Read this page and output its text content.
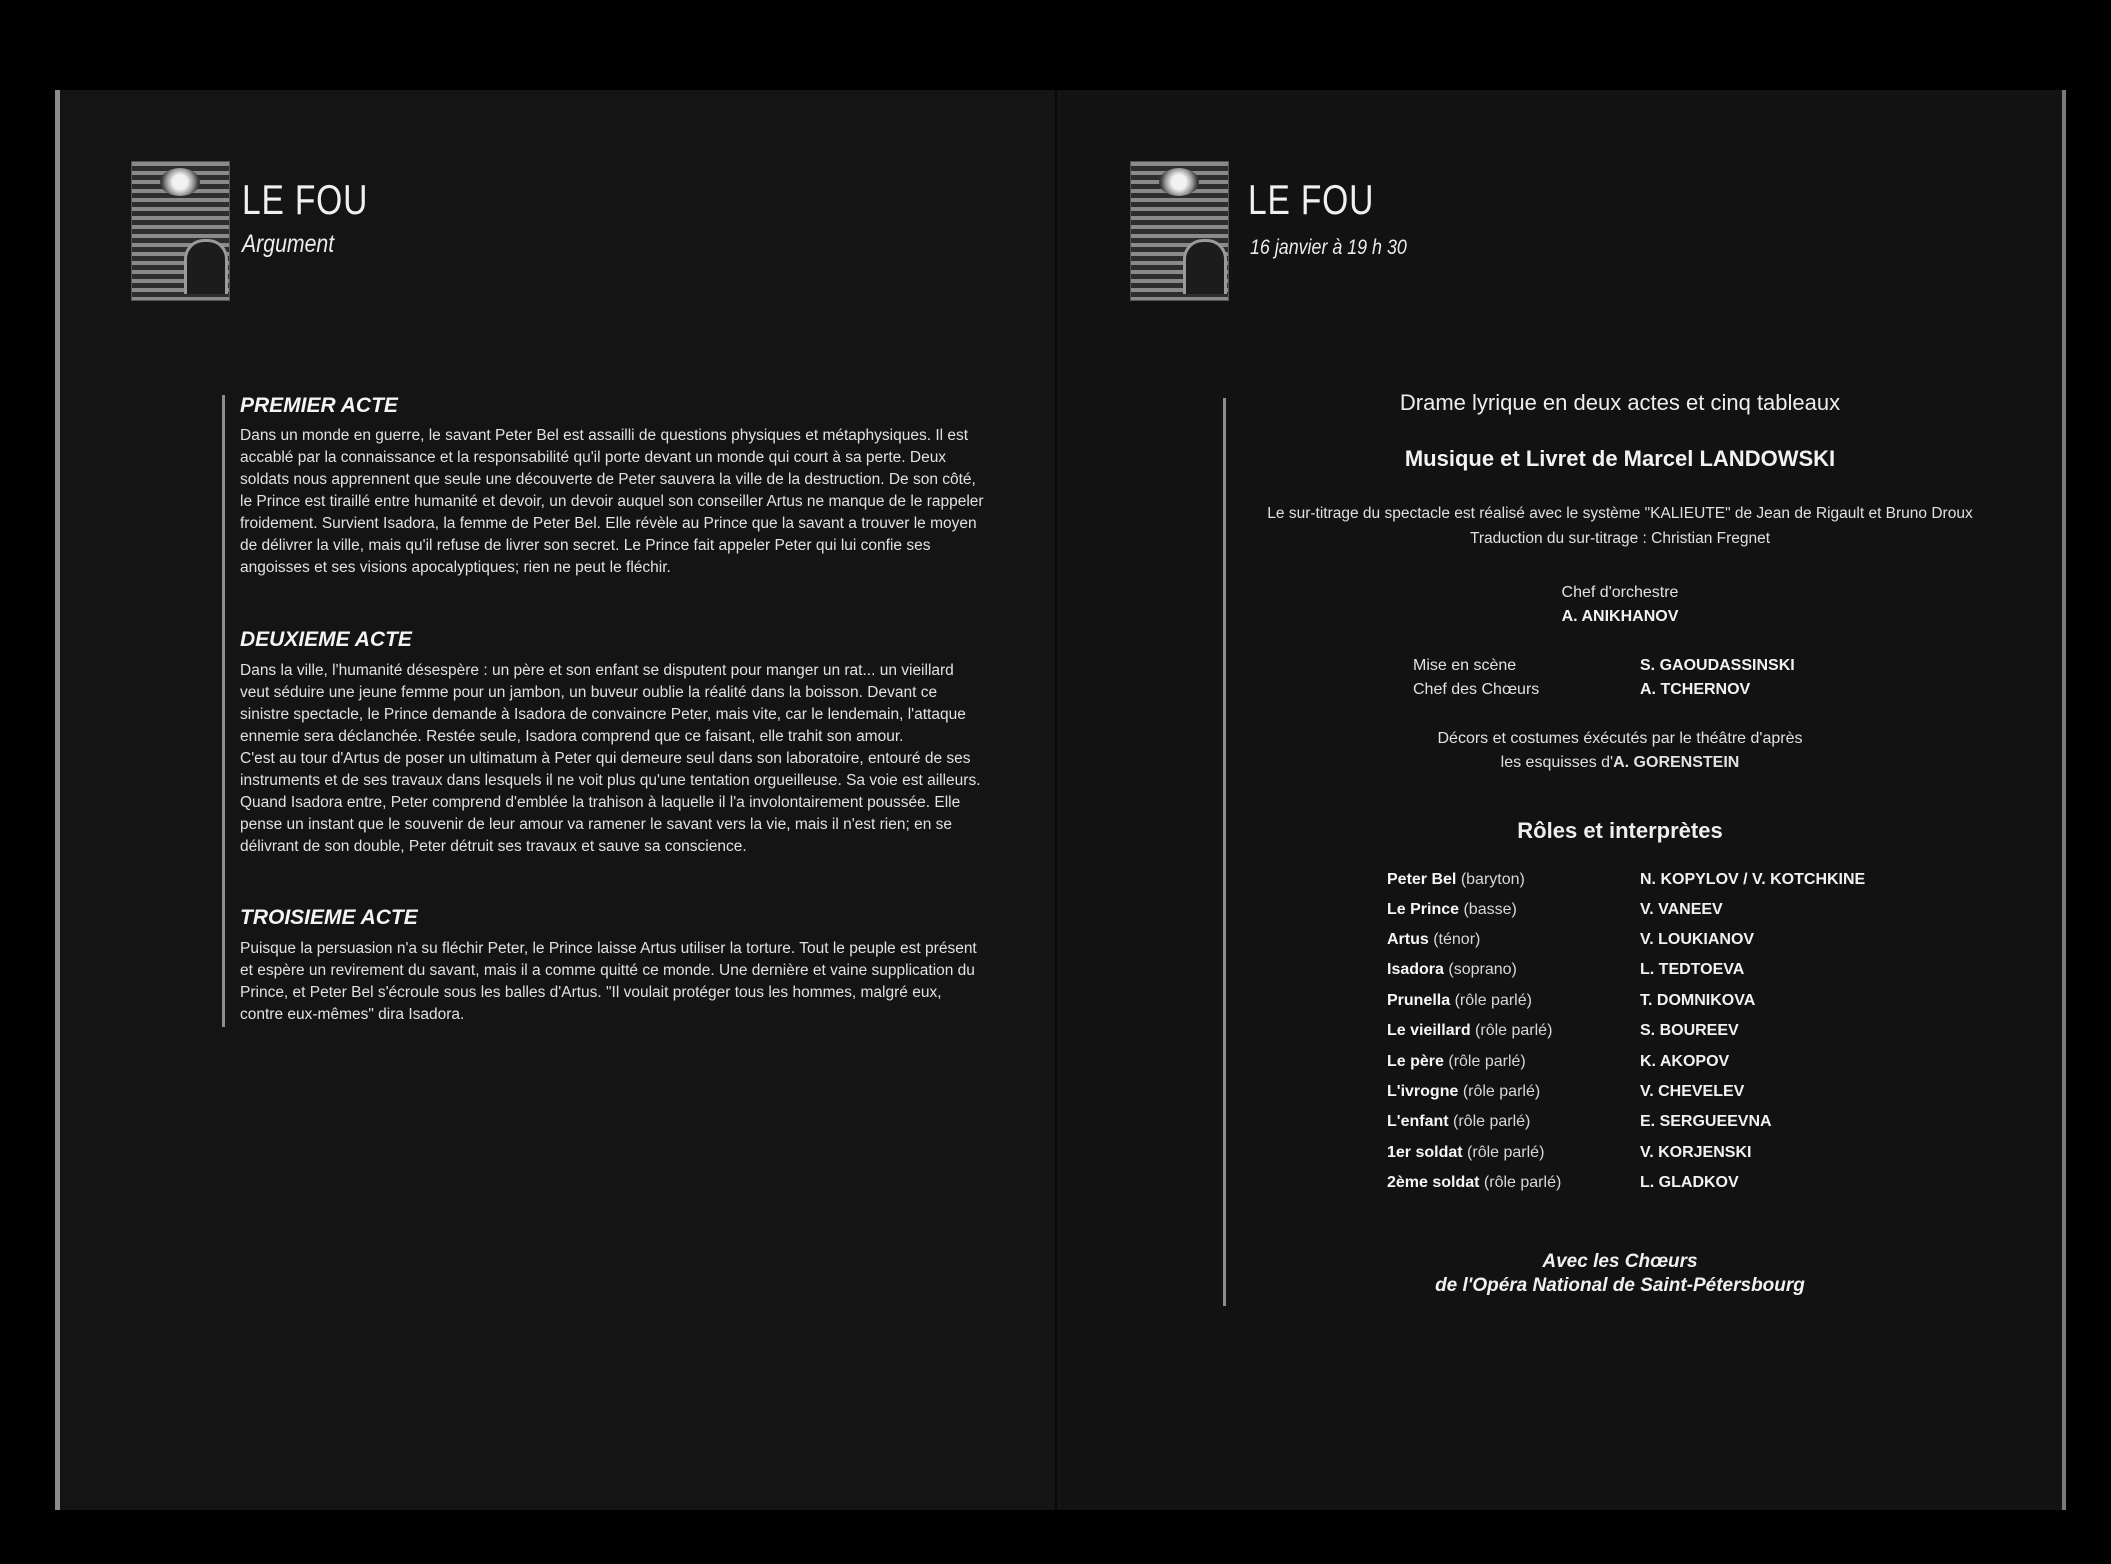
LE FOU
Argument
PREMIER ACTE

Dans un monde en guerre, le savant Peter Bel est assailli de questions physiques et métaphysiques. Il est accablé par la connaissance et la responsabilité qu'il porte devant un monde qui court à sa perte. Deux soldats nous apprennent que seule une découverte de Peter sauvera la ville de la destruction. De son côté, le Prince est tiraillé entre humanité et devoir, un devoir auquel son conseiller Artus ne manque de le rappeler froidement. Survient Isadora, la femme de Peter Bel. Elle révèle au Prince que la savant a trouver le moyen de délivrer la ville, mais qu'il refuse de livrer son secret. Le Prince fait appeler Peter qui lui confie ses angoisses et ses visions apocalyptiques; rien ne peut le fléchir.

DEUXIEME ACTE

Dans la ville, l'humanité désespère : un père et son enfant se disputent pour manger un rat... un vieillard veut séduire une jeune femme pour un jambon, un buveur oublie la réalité dans la boisson. Devant ce sinistre spectacle, le Prince demande à Isadora de convaincre Peter, mais vite, car le lendemain, l'attaque ennemie sera déclanchée. Restée seule, Isadora comprend que ce faisant, elle trahit son amour.
C'est au tour d'Artus de poser un ultimatum à Peter qui demeure seul dans son laboratoire, entouré de ses instruments et de ses travaux dans lesquels il ne voit plus qu'une tentation orgueilleuse. Sa voie est ailleurs. Quand Isadora entre, Peter comprend d'emblée la trahison à laquelle il l'a involontairement poussée. Elle pense un instant que le souvenir de leur amour va ramener le savant vers la vie, mais il n'est rien; en se délivrant de son double, Peter détruit ses travaux et sauve sa conscience.

TROISIEME ACTE

Puisque la persuasion n'a su fléchir Peter, le Prince laisse Artus utiliser la torture. Tout le peuple est présent et espère un revirement du savant, mais il a comme quitté ce monde. Une dernière et vaine supplication du Prince, et Peter Bel s'écroule sous les balles d'Artus. "Il voulait protéger tous les hommes, malgré eux, contre eux-mêmes" dira Isadora.

LE FOU
16 janvier à 19 h 30

Drame lyrique en deux actes et cinq tableaux

Musique et Livret de Marcel LANDOWSKI

Le sur-titrage du spectacle est réalisé avec le système "KALIEUTE" de Jean de Rigault et Bruno Droux

Traduction du sur-titrage : Christian Fregnet

Chef d'orchestre

A. ANIKHANOV

Mise en scène	S. GAOUDASSINSKI
Chef des Chœurs	A. TCHERNOV

Décors et costumes éxécutés par le théâtre d'après

les esquisses d'A. GORENSTEIN

Rôles et interprètes

Peter Bel (baryton)	N. KOPYLOV / V. KOTCHKINE
Le Prince (basse)	V. VANEEV
Artus (ténor)	V. LOUKIANOV
Isadora (soprano)	L. TEDTOEVA
Prunella (rôle parlé)	T. DOMNIKOVA
Le vieillard (rôle parlé)	S. BOUREEV
Le père (rôle parlé)	K. AKOPOV
L'ivrogne (rôle parlé)	V. CHEVELEV
L'enfant (rôle parlé)	E. SERGUEEVNA
1er soldat (rôle parlé)	V. KORJENSKI
2ème soldat (rôle parlé)	L. GLADKOV

Avec les Chœurs

de l'Opéra National de Saint-Pétersbourg
